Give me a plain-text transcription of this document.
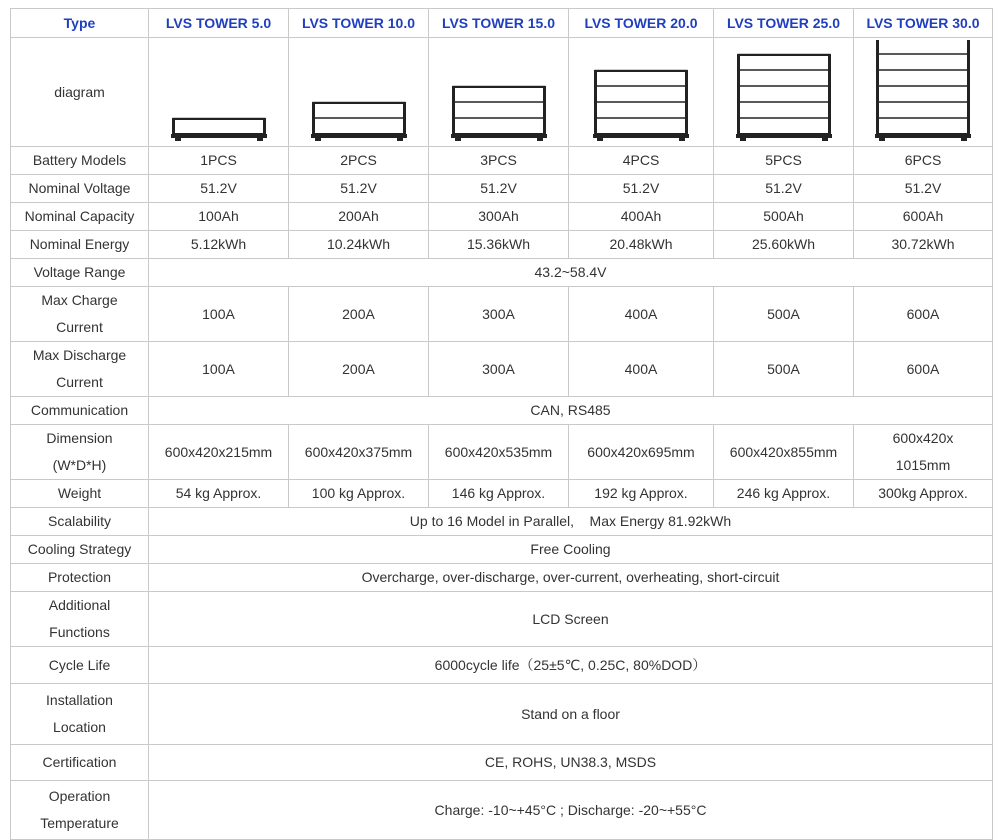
Type	LVS TOWER 5.0	LVS TOWER 10.0	LVS TOWER 15.0	LVS TOWER 20.0	LVS TOWER 25.0	LVS TOWER 30.0
diagram	

Battery Models	1PCS	2PCS	3PCS	4PCS	5PCS	6PCS
Nominal Voltage	51.2V	51.2V	51.2V	51.2V	51.2V	51.2V
Nominal Capacity	100Ah	200Ah	300Ah	400Ah	500Ah	600Ah
Nominal Energy	5.12kWh	10.24kWh	15.36kWh	20.48kWh	25.60kWh	30.72kWh
Voltage Range	43.2~58.4V					
Max Charge
Current	100A	200A	300A	400A	500A	600A
Max Discharge
Current	100A	200A	300A	400A	500A	600A
Communication	CAN, RS485					
Dimension
(W*D*H)	600x420x215mm	600x420x375mm	600x420x535mm	600x420x695mm	600x420x855mm	600x420x
1015mm
Weight	54 kg Approx.	100 kg Approx.	146 kg Approx.	192 kg Approx.	246 kg Approx.	300kg Approx.
Scalability	Up to 16 Model in Parallel,    Max Energy 81.92kWh					
Cooling Strategy	Free Cooling					
Protection	Overcharge, over-discharge, over-current, overheating, short-circuit					
Additional
Functions	LCD Screen					
Cycle Life	6000cycle life（25±5℃, 0.25C, 80%DOD）					
Installation
Location	Stand on a floor					
Certification	CE, ROHS, UN38.3, MSDS					
Operation
Temperature	Charge: -10~+45°C ; Discharge: -20~+55°C					
